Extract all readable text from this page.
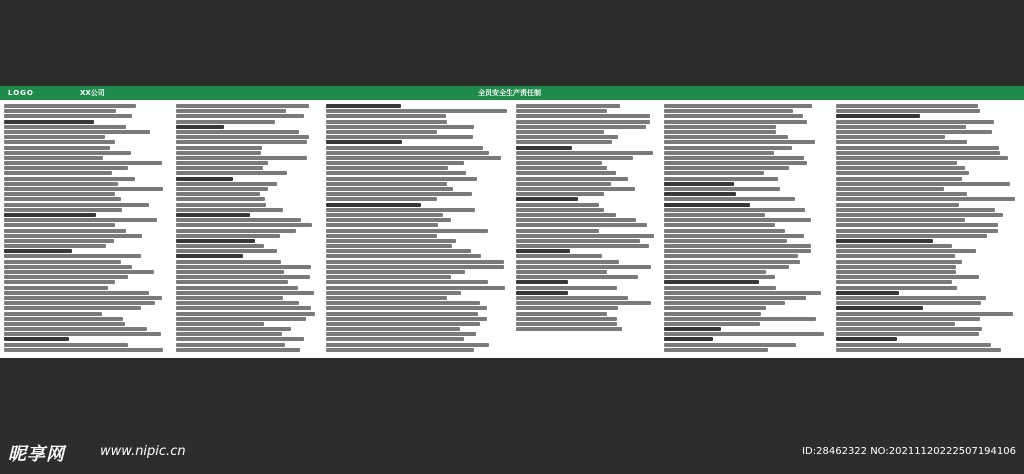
LOGO	XX公司	全员安全生产责任制
昵享网	www.nipic.cn	ID:28462322 NO:20211120222507194106
